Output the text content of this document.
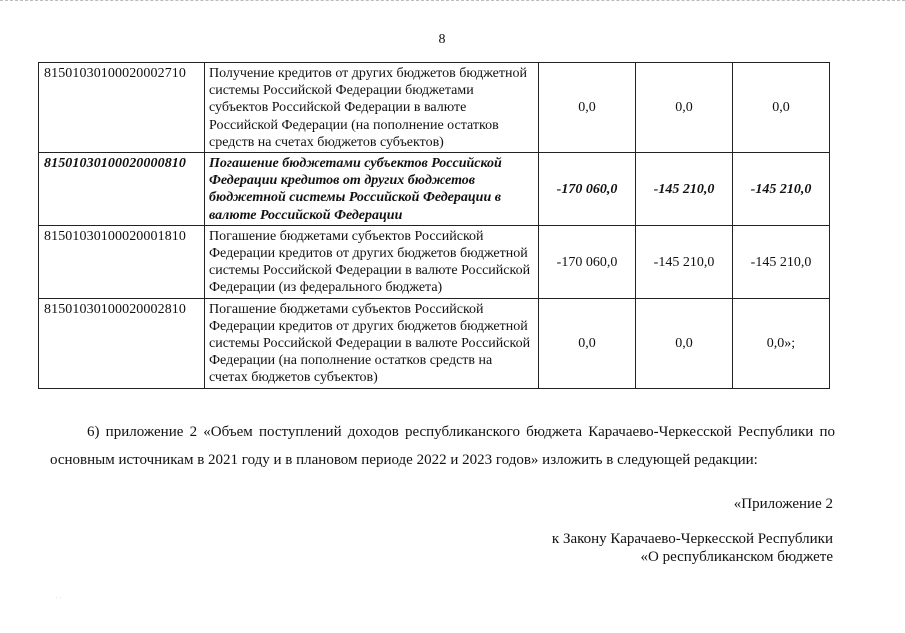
8
81501030100020002710	Получение кредитов от других бюджетов бюджетной системы Российской Федерации бюджетами субъектов Российской Федерации в валюте Российской Федерации (на пополнение остатков средств на счетах бюджетов субъектов)	0,0	0,0	0,0
81501030100020000810	Погашение бюджетами субъектов Российской Федерации кредитов от других бюджетов бюджетной системы Российской Федерации в валюте Российской Федерации	-170 060,0	-145 210,0	-145 210,0
81501030100020001810	Погашение бюджетами субъектов Российской Федерации кредитов от других бюджетов бюджетной системы Российской Федерации в валюте Российской Федерации (из федерального бюджета)	-170 060,0	-145 210,0	-145 210,0
81501030100020002810	Погашение бюджетами субъектов Российской Федерации кредитов от других бюджетов бюджетной системы Российской Федерации в валюте Российской Федерации (на пополнение остатков средств на счетах бюджетов субъектов)	0,0	0,0	0,0»;
6) приложение 2 «Объем поступлений доходов республиканского бюджета Карачаево-Черкесской Республики по основным источникам в 2021 году и в плановом периоде 2022 и 2023 годов» изложить в следующей редакции:
«Приложение 2
к Закону Карачаево-Черкесской Республики
«О республиканском бюджете
· ·
